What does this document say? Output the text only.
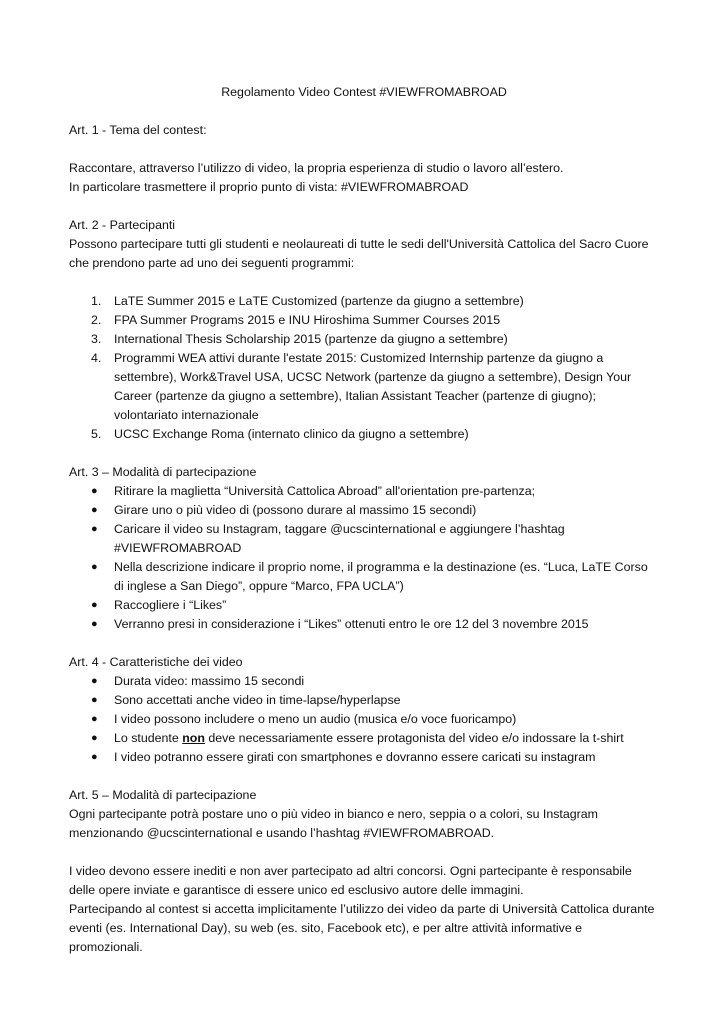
Regolamento Video Contest #VIEWFROMABROAD

Art. 1 - Tema del contest:

Raccontare, attraverso l’utilizzo di video, la propria esperienza di studio o lavoro all’estero.

In particolare trasmettere il proprio punto di vista: #VIEWFROMABROAD

Art. 2 - Partecipanti

Possono partecipare tutti gli studenti e neolaureati di tutte le sedi dell'Università Cattolica del Sacro Cuore che prendono parte ad uno dei seguenti programmi:

1. LaTE Summer 2015 e LaTE Customized (partenze da giugno a settembre)
2. FPA Summer Programs 2015 e INU Hiroshima Summer Courses 2015
3. International Thesis Scholarship 2015 (partenze da giugno a settembre)
4. Programmi WEA attivi durante l'estate 2015: Customized Internship partenze da giugno a settembre), Work&Travel USA, UCSC Network (partenze da giugno a settembre), Design Your Career (partenze da giugno a settembre), Italian Assistant Teacher (partenze di giugno); volontariato internazionale
5. UCSC Exchange Roma (internato clinico da giugno a settembre)

Art. 3 – Modalità di partecipazione

● Ritirare la maglietta “Università Cattolica Abroad” all'orientation pre-partenza;
● Girare uno o più video di (possono durare al massimo 15 secondi)
● Caricare il video su Instagram, taggare @ucscinternational e aggiungere l’hashtag #VIEWFROMABROAD
● Nella descrizione indicare il proprio nome, il programma e la destinazione (es. “Luca, LaTE Corso di inglese a San Diego”, oppure “Marco, FPA UCLA”)
● Raccogliere i “Likes”
● Verranno presi in considerazione i “Likes” ottenuti entro le ore 12 del 3 novembre 2015

Art. 4 - Caratteristiche dei video

● Durata video: massimo 15 secondi
● Sono accettati anche video in time-lapse/hyperlapse
● I video possono includere o meno un audio (musica e/o voce fuoricampo)
● Lo studente non deve necessariamente essere protagonista del video e/o indossare la t-shirt
● I video potranno essere girati con smartphones e dovranno essere caricati su instagram

Art. 5 – Modalità di partecipazione

Ogni partecipante potrà postare uno o più video in bianco e nero, seppia o a colori, su Instagram menzionando @ucscinternational e usando l’hashtag #VIEWFROMABROAD.

I video devono essere inediti e non aver partecipato ad altri concorsi. Ogni partecipante è responsabile delle opere inviate e garantisce di essere unico ed esclusivo autore delle immagini.

Partecipando al contest si accetta implicitamente l’utilizzo dei video da parte di Università Cattolica durante eventi (es. International Day), su web (es. sito, Facebook etc), e per altre attività informative e promozionali.
